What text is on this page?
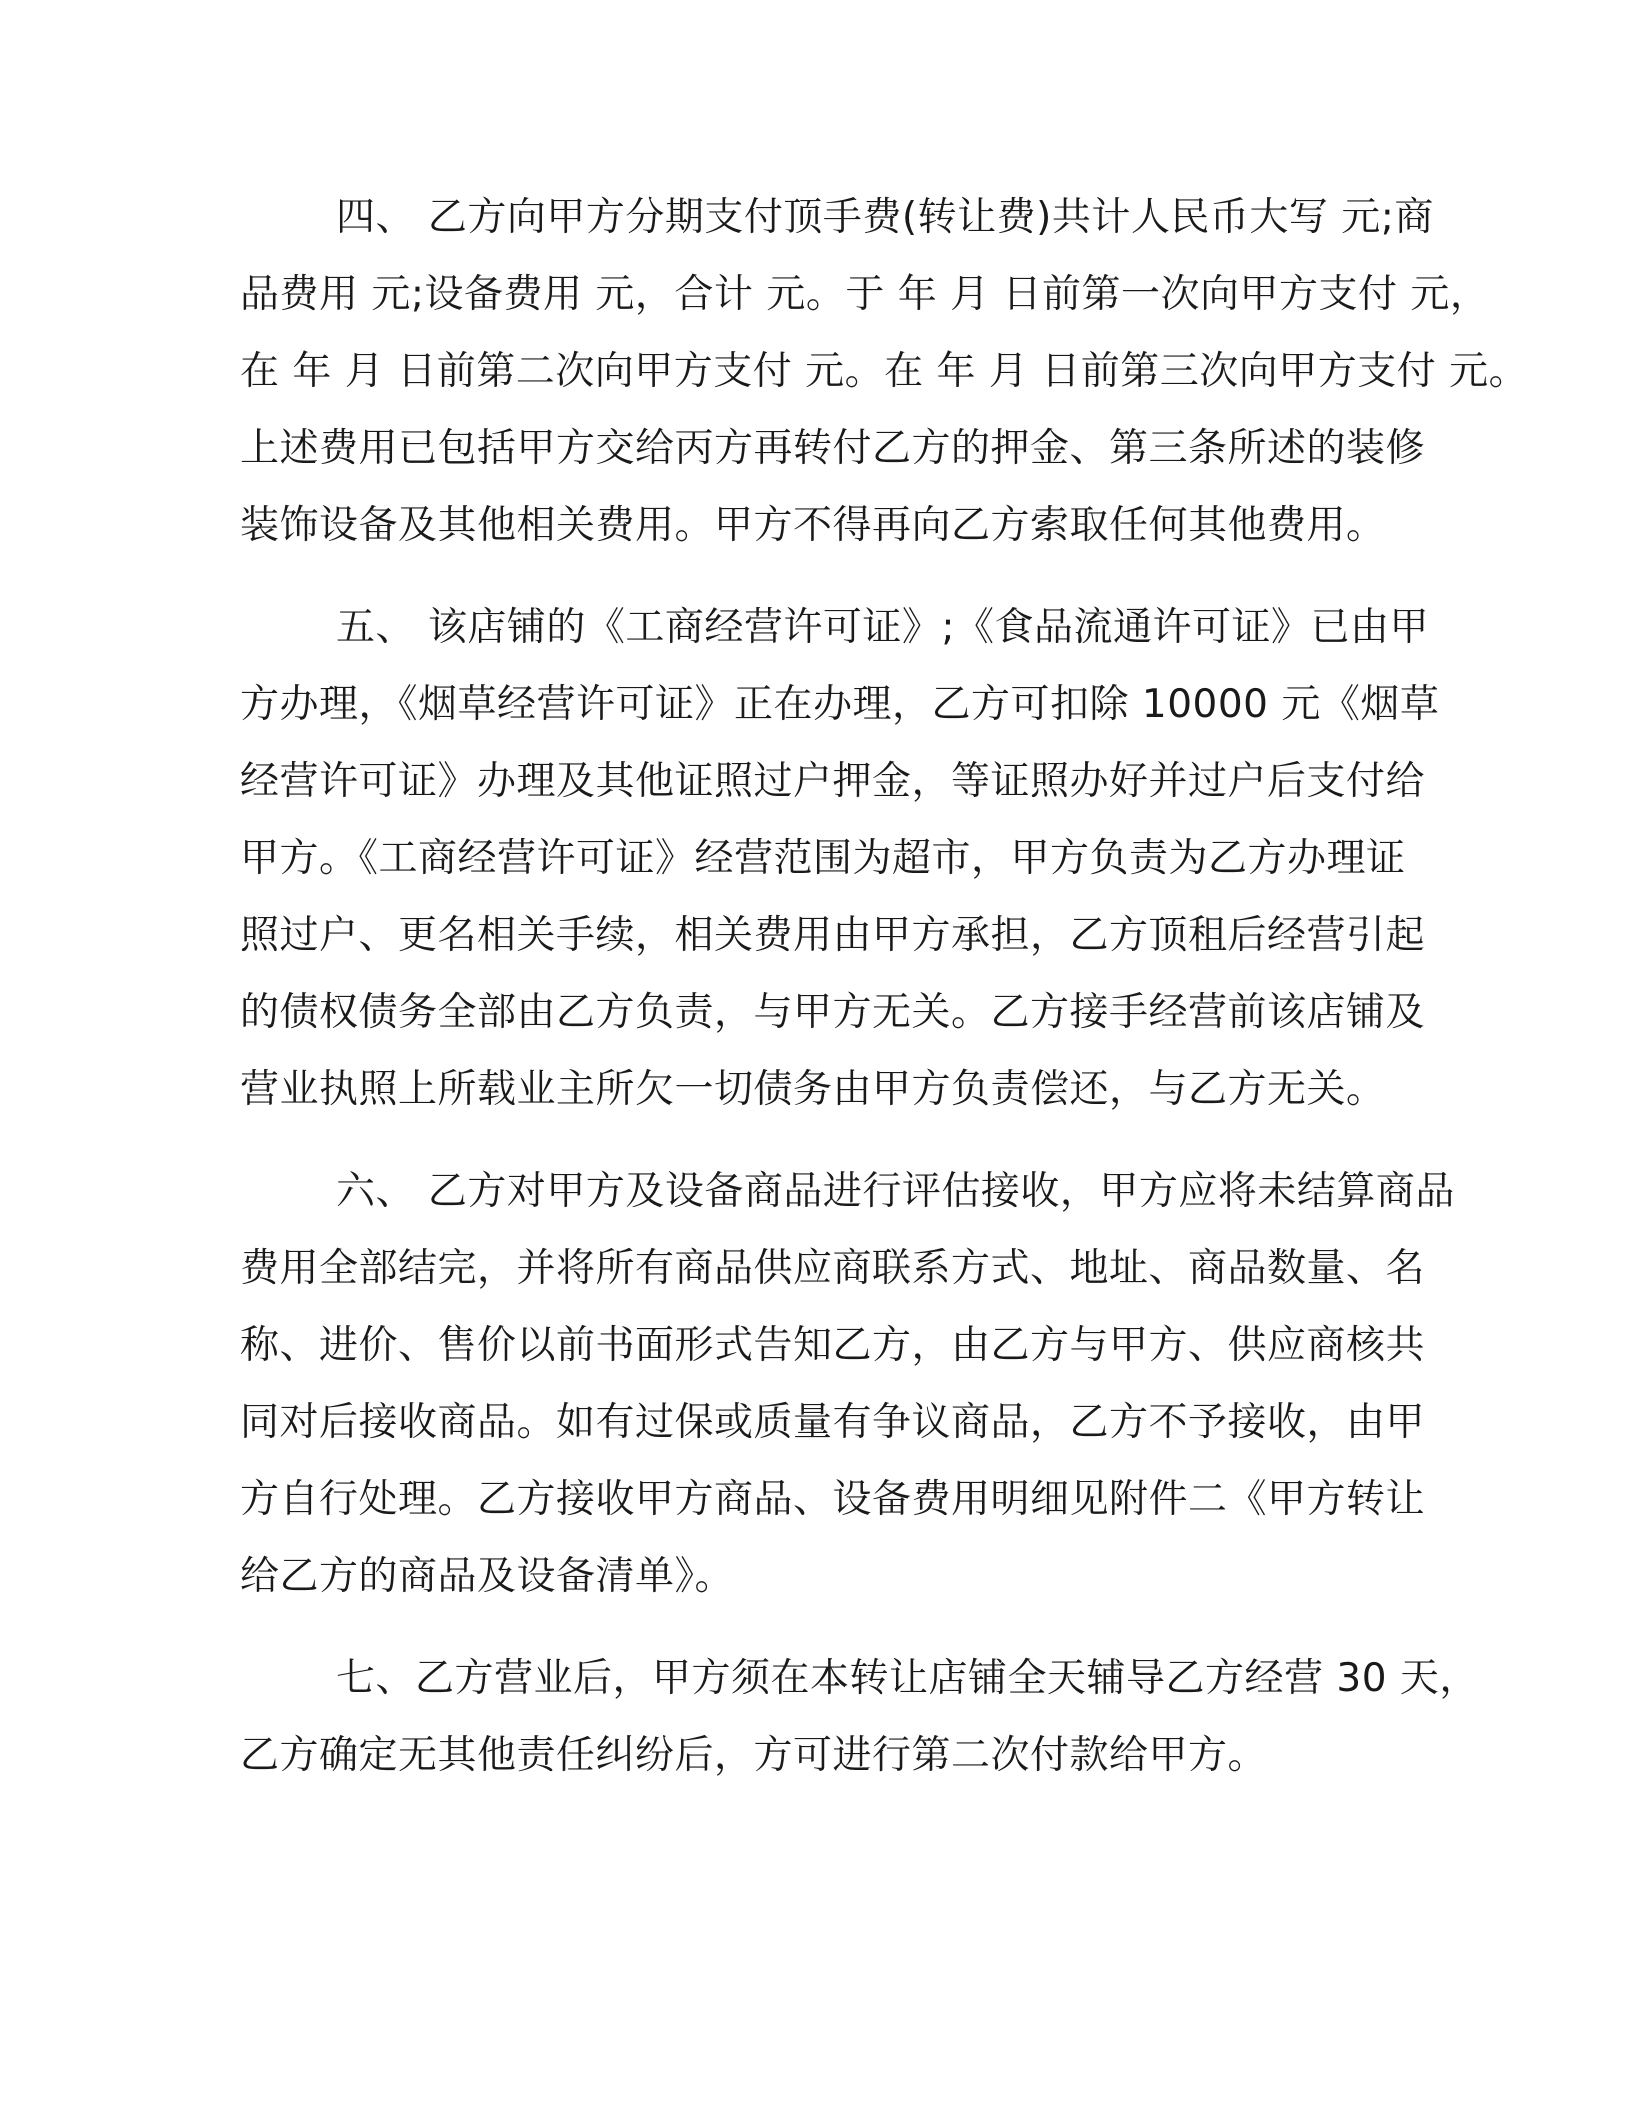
四、 乙方向甲方分期支付顶手费(转让费)共计人民币大写 元;商
品费用 元;设备费用 元，合计 元。于 年 月 日前第一次向甲方支付 元，
在 年 月 日前第二次向甲方支付 元。在 年 月 日前第三次向甲方支付 元。
上述费用已包括甲方交给丙方再转付乙方的押金、第三条所述的装修
装饰设备及其他相关费用。甲方不得再向乙方索取任何其他费用。
五、 该店铺的《工商经营许可证》;《食品流通许可证》已由甲
方办理，《烟草经营许可证》正在办理，乙方可扣除 10000 元《烟草
经营许可证》办理及其他证照过户押金，等证照办好并过户后支付给
甲方。《工商经营许可证》经营范围为超市，甲方负责为乙方办理证
照过户、更名相关手续，相关费用由甲方承担，乙方顶租后经营引起
的债权债务全部由乙方负责，与甲方无关。乙方接手经营前该店铺及
营业执照上所载业主所欠一切债务由甲方负责偿还，与乙方无关。
六、 乙方对甲方及设备商品进行评估接收，甲方应将未结算商品
费用全部结完，并将所有商品供应商联系方式、地址、商品数量、名
称、进价、售价以前书面形式告知乙方，由乙方与甲方、供应商核共
同对后接收商品。如有过保或质量有争议商品，乙方不予接收，由甲
方自行处理。乙方接收甲方商品、设备费用明细见附件二《甲方转让
给乙方的商品及设备清单》。
七、乙方营业后，甲方须在本转让店铺全天辅导乙方经营 30 天，
乙方确定无其他责任纠纷后，方可进行第二次付款给甲方。
